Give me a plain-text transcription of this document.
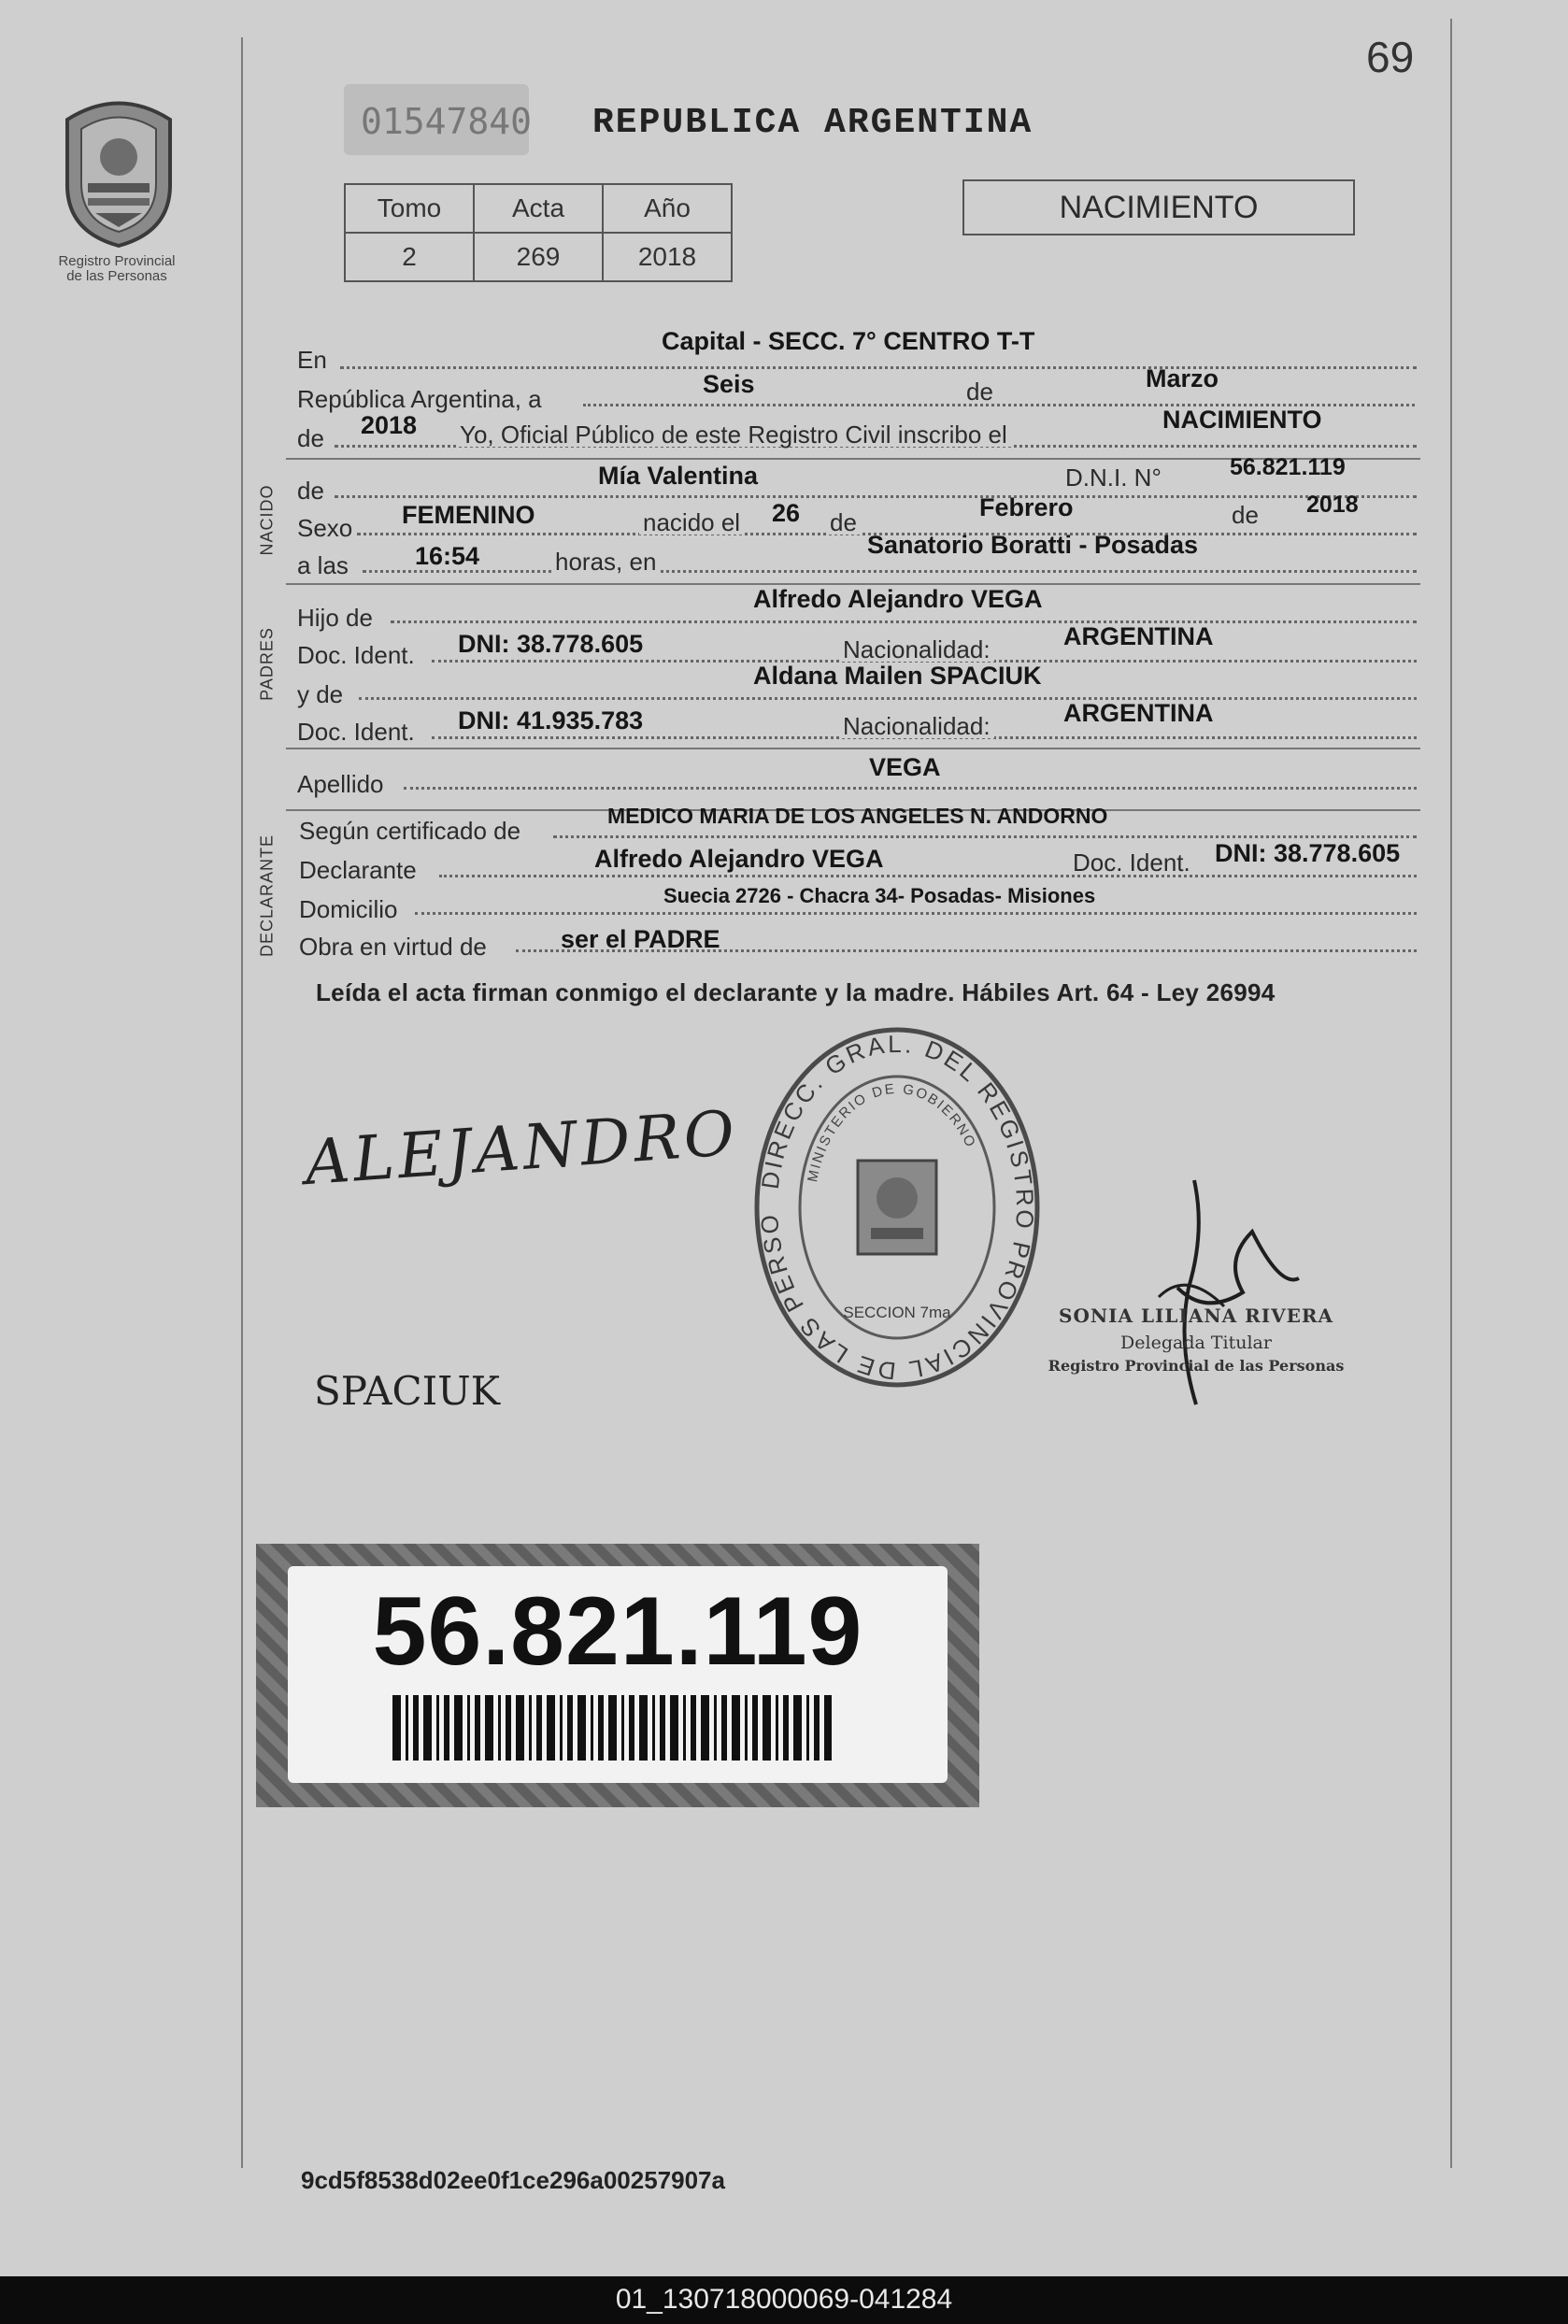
69
Registro Provincial
de las Personas
01547840 REPUBLICA ARGENTINA
Tomo	Acta	Año
2	269	2018
NACIMIENTO
En
Capital - SECC. 7° CENTRO T-T
República Argentina, a
Seis	de	Marzo
de 2018 Yo, Oficial Público de este Registro Civil inscribo el
NACIMIENTO
NACIDO de
Mía Valentina	D.N.I. N°	56.821.119
Sexo FEMENINO	nacido el 26 de
Febrero	de 2018
a las	16:54	horas, en
Sanatorio Boratti - Posadas
PADRES
Hijo de
Alfredo Alejandro VEGA
Doc. Ident. DNI: 38.778.605	Nacionalidad:	ARGENTINA
y de
Aldana Mailen SPACIUK
Doc. Ident. DNI: 41.935.783	Nacionalidad:	ARGENTINA
Apellido
VEGA
DECLARANTE
Según certificado de
MEDICO MARIA DE LOS ANGELES N. ANDORNO
Declarante	Alfredo Alejandro VEGA	Doc. Ident. DNI: 38.778.605
Domicilio	Suecia 2726 - Chacra 34- Posadas- Misiones
Obra en virtud de	ser el PADRE
Leída el acta firman conmigo el declarante y la madre. Hábiles Art. 64 - Ley 26994
ALEJANDRO
SPACIUK
DIRECC. GRAL. DEL REGISTRO PROVINCIAL DE LAS PERSO
MINISTERIO DE GOBIERNO
SECCION 7ma	SONIA LILIANA RIVERA
Delegada Titular
Registro Provincial de las Personas
56.821.119
9cd5f8538d02ee0f1ce296a00257907a
01_130718000069-041284
